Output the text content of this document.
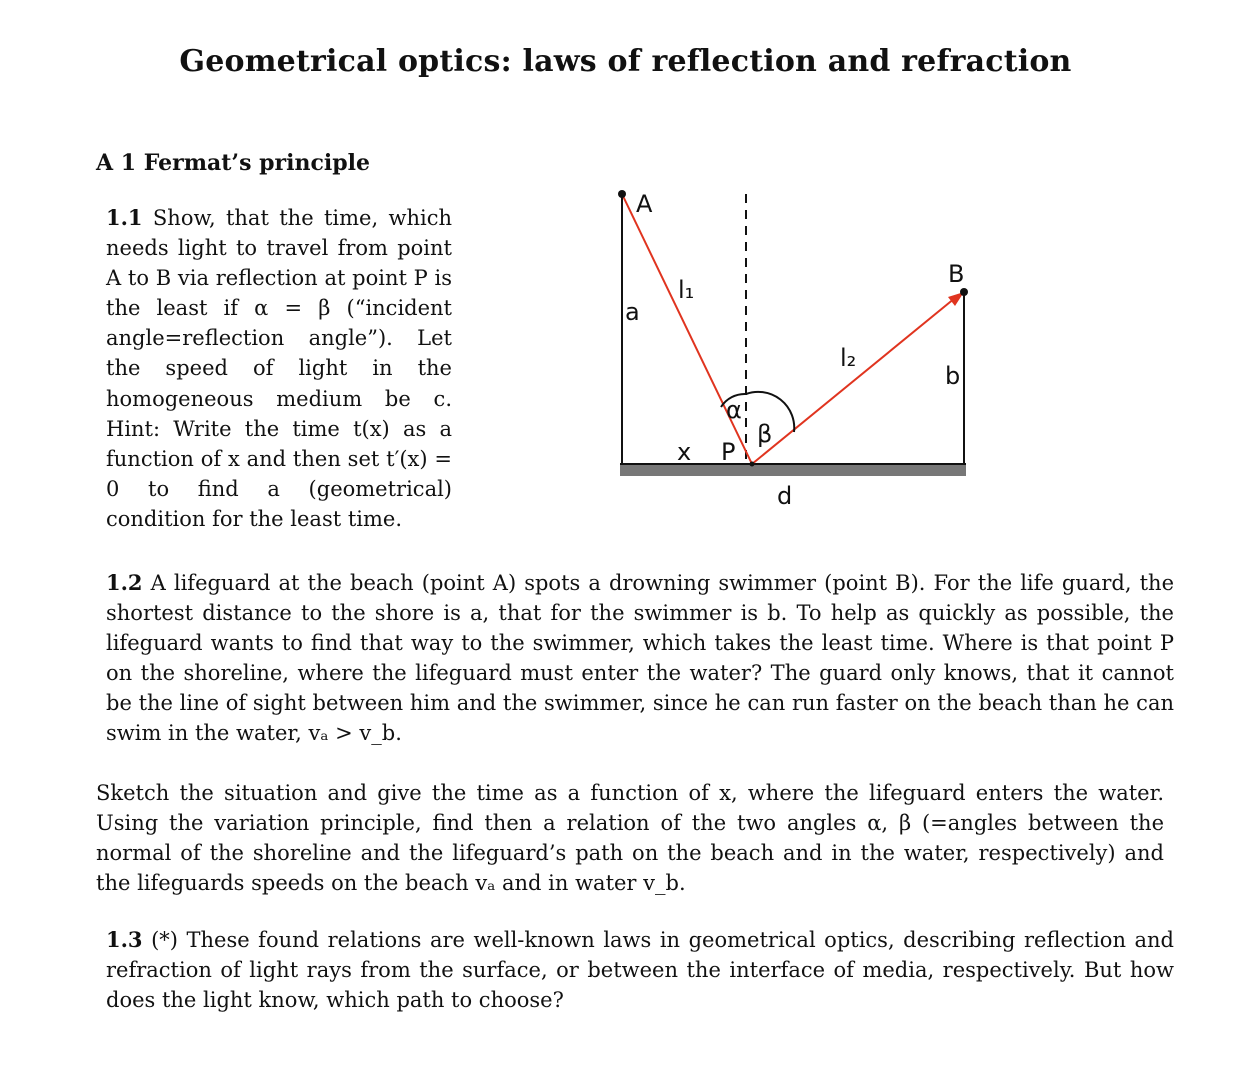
Geometrical optics: laws of reflection and refraction
A 1 Fermat’s principle
1.1 Show, that the time, which needs light to travel from point A to B via reflection at point P is the least if α = β (“incident angle=reflection angle”). Let the speed of light in the homogeneous medium be c. Hint: Write the time t(x) as a function of x and then set t′(x) = 0 to find a (geometrical) condition for the least time.
A
B
a
b
l₁
l₂
α
β
x P
d
1.2 A lifeguard at the beach (point A) spots a drowning swimmer (point B). For the life guard, the shortest distance to the shore is a, that for the swimmer is b. To help as quickly as possible, the lifeguard wants to find that way to the swimmer, which takes the least time. Where is that point P on the shoreline, where the lifeguard must enter the water? The guard only knows, that it cannot be the line of sight between him and the swimmer, since he can run faster on the beach than he can swim in the water, vₐ > v_b.
Sketch the situation and give the time as a function of x, where the lifeguard enters the water. Using the variation principle, find then a relation of the two angles α, β (=angles between the normal of the shoreline and the lifeguard’s path on the beach and in the water, respectively) and the lifeguards speeds on the beach vₐ and in water v_b.
1.3 (*) These found relations are well-known laws in geometrical optics, describing reflection and refraction of light rays from the surface, or between the interface of media, respectively. But how does the light know, which path to choose?
